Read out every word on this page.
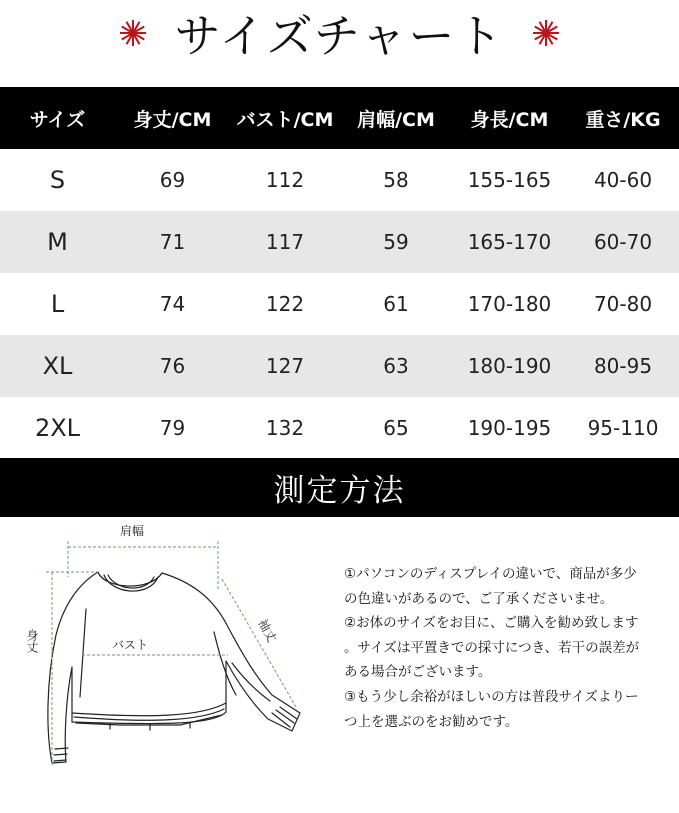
サイズチャート
サイズ	身丈/CM	バスト/CM	肩幅/CM	身長/CM	重さ/KG
S	69	112	58	155-165	40-60
M	71	117	59	165-170	60-70
L	74	122	61	170-180	70-80
XL	76	127	63	180-190	80-95
2XL	79	132	65	190-195	95-110
測定方法
肩幅
バスト
身丈	袖丈
①パソコンのディスプレイの違いで、商品が多少
の色違いがあるので、ご了承くださいませ。
②お体のサイズをお目に、ご購入を勧め致します
。サイズは平置きでの採寸につき、若干の誤差が
ある場合がございます。
③もう少し余裕がほしいの方は普段サイズよりー
つ上を選ぶのをお勧めです。
